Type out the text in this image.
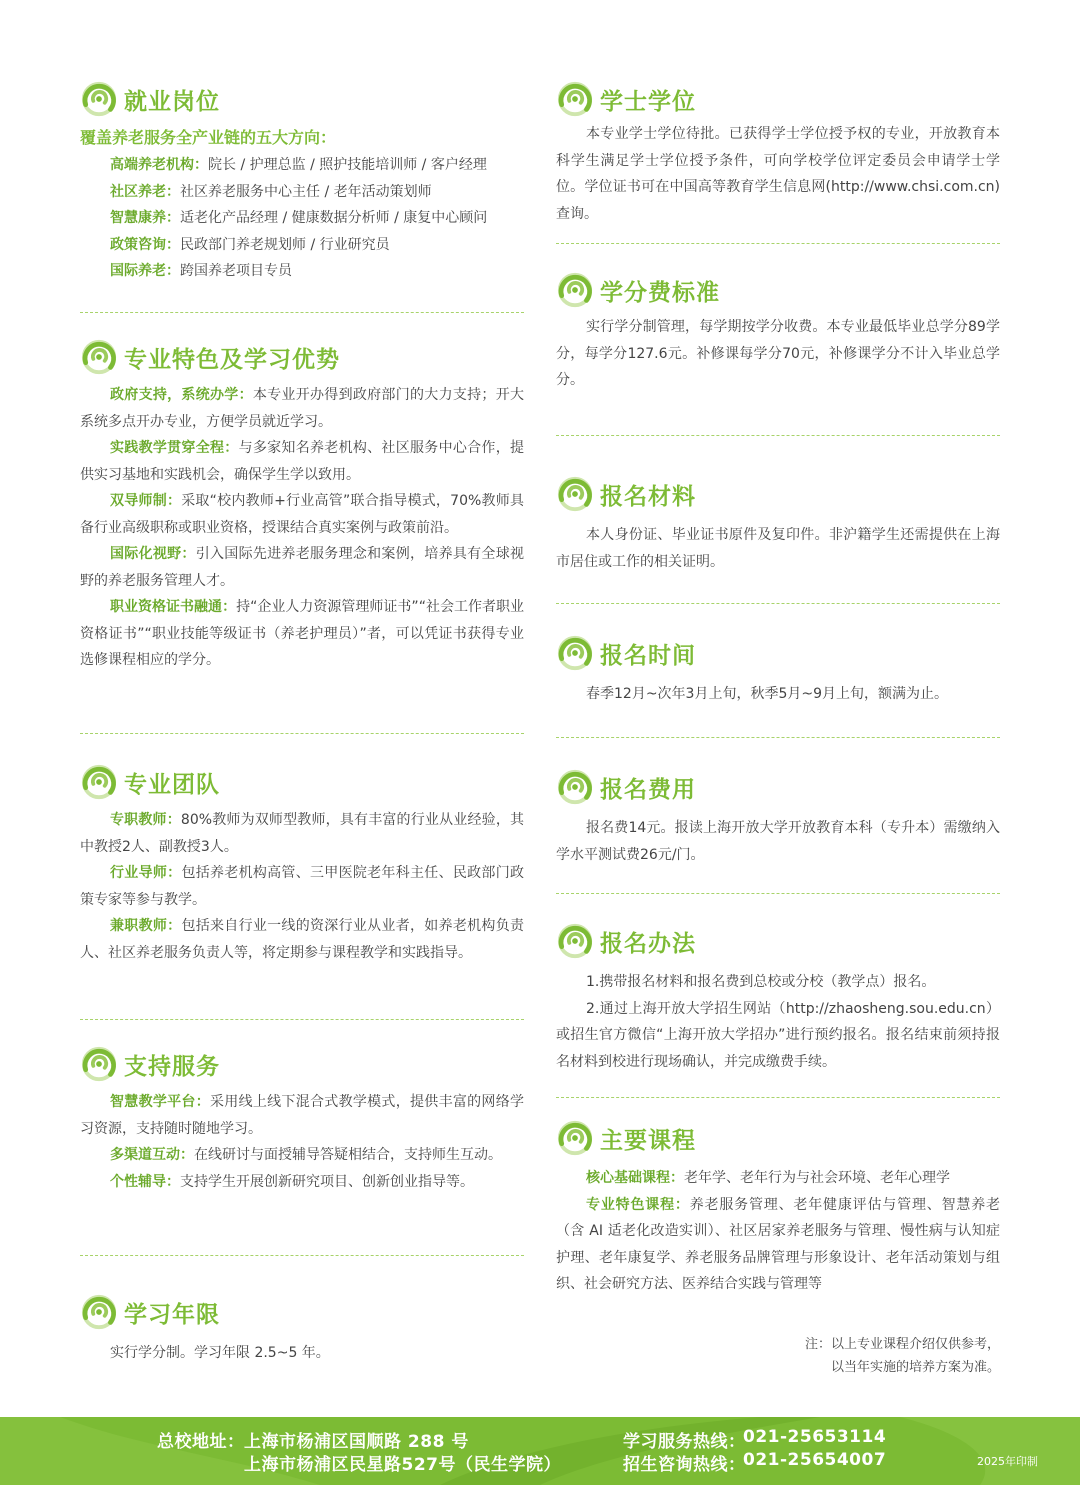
就业岗位
覆盖养老服务全产业链的五大方向：
高端养老机构：院长 / 护理总监 / 照护技能培训师 / 客户经理
社区养老：社区养老服务中心主任 / 老年活动策划师
智慧康养：适老化产品经理 / 健康数据分析师 / 康复中心顾问
政策咨询：民政部门养老规划师 / 行业研究员
国际养老：跨国养老项目专员
专业特色及学习优势

政府支持，系统办学：本专业开办得到政府部门的大力支持；开大系统多点开办专业，方便学员就近学习。

实践教学贯穿全程：与多家知名养老机构、社区服务中心合作，提供实习基地和实践机会，确保学生学以致用。

双导师制：采取“校内教师+行业高管”联合指导模式，70%教师具备行业高级职称或职业资格，授课结合真实案例与政策前沿。

国际化视野：引入国际先进养老服务理念和案例，培养具有全球视野的养老服务管理人才。

职业资格证书融通：持“企业人力资源管理师证书”“社会工作者职业资格证书”“职业技能等级证书（养老护理员）”者，可以凭证书获得专业选修课程相应的学分。

专业团队

专职教师：80%教师为双师型教师，具有丰富的行业从业经验，其中教授2人、副教授3人。

行业导师：包括养老机构高管、三甲医院老年科主任、民政部门政策专家等参与教学。

兼职教师：包括来自行业一线的资深行业从业者，如养老机构负责人、社区养老服务负责人等，将定期参与课程教学和实践指导。

支持服务

智慧教学平台：采用线上线下混合式教学模式，提供丰富的网络学习资源，支持随时随地学习。

多渠道互动：在线研讨与面授辅导答疑相结合，支持师生互动。

个性辅导：支持学生开展创新研究项目、创新创业指导等。

学习年限

实行学分制。学习年限 2.5~5 年。

学士学位

本专业学士学位待批。已获得学士学位授予权的专业，开放教育本科学生满足学士学位授予条件，可向学校学位评定委员会申请学士学位。学位证书可在中国高等教育学生信息网(http://www.chsi.com.cn)查询。

学分费标准

实行学分制管理，每学期按学分收费。本专业最低毕业总学分89学分，每学分127.6元。补修课每学分70元，补修课学分不计入毕业总学分。

报名材料

本人身份证、毕业证书原件及复印件。非沪籍学生还需提供在上海市居住或工作的相关证明。

报名时间

春季12月~次年3月上旬，秋季5月~9月上旬，额满为止。

报名费用

报名费14元。报读上海开放大学开放教育本科（专升本）需缴纳入学水平测试费26元/门。

报名办法

1.携带报名材料和报名费到总校或分校（教学点）报名。

2.通过上海开放大学招生网站（http://zhaosheng.sou.edu.cn）或招生官方微信“上海开放大学招办”进行预约报名。报名结束前须持报名材料到校进行现场确认，并完成缴费手续。

主要课程

核心基础课程：老年学、老年行为与社会环境、老年心理学

专业特色课程：养老服务管理、老年健康评估与管理、智慧养老（含 AI 适老化改造实训）、社区居家养老服务与管理、慢性病与认知症护理、老年康复学、养老服务品牌管理与形象设计、老年活动策划与组织、社会研究方法、医养结合实践与管理等

注：以上专业课程介绍仅供参考，
以当年实施的培养方案为准。
总校地址： 上海市杨浦区国顺路 288 号
上海市杨浦区民星路527号（民生学院）
学习服务热线：
021-25653114
招生咨询热线：
021-25654007	2025年印制
